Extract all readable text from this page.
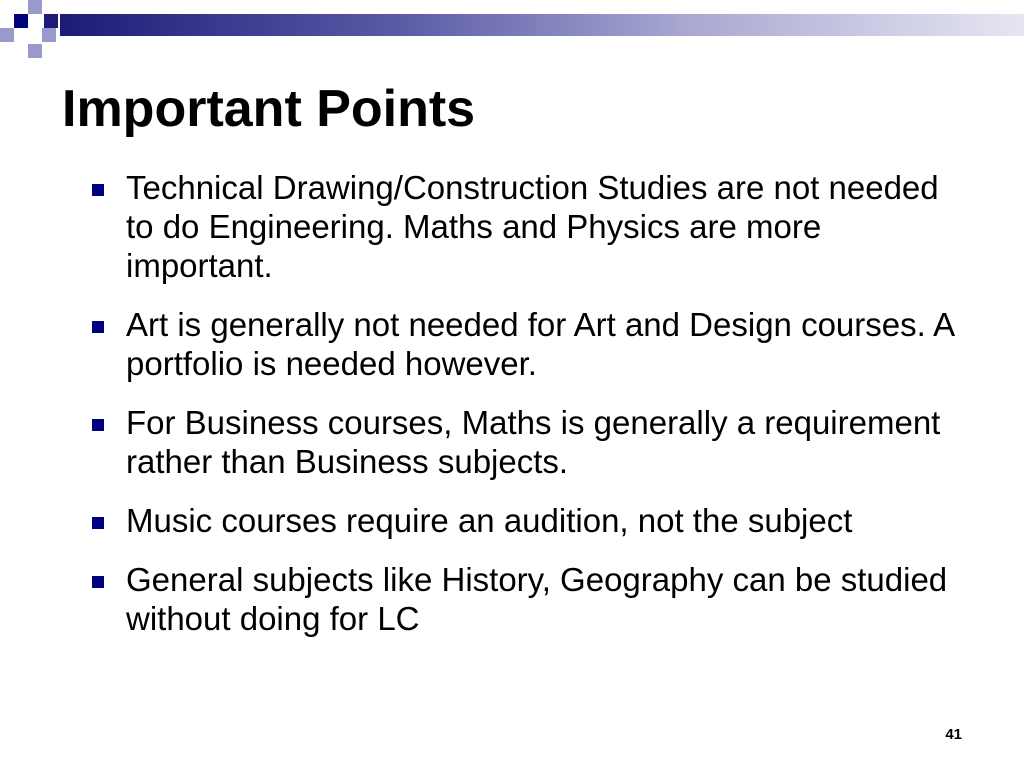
Important Points
Technical Drawing/Construction Studies are not needed to do Engineering. Maths and Physics are more important.
Art is generally not needed for Art and Design courses. A portfolio is needed however.
For Business courses, Maths is generally a requirement rather than Business subjects.
Music courses require an audition, not the subject
General subjects like History, Geography can be studied without doing for LC
41
